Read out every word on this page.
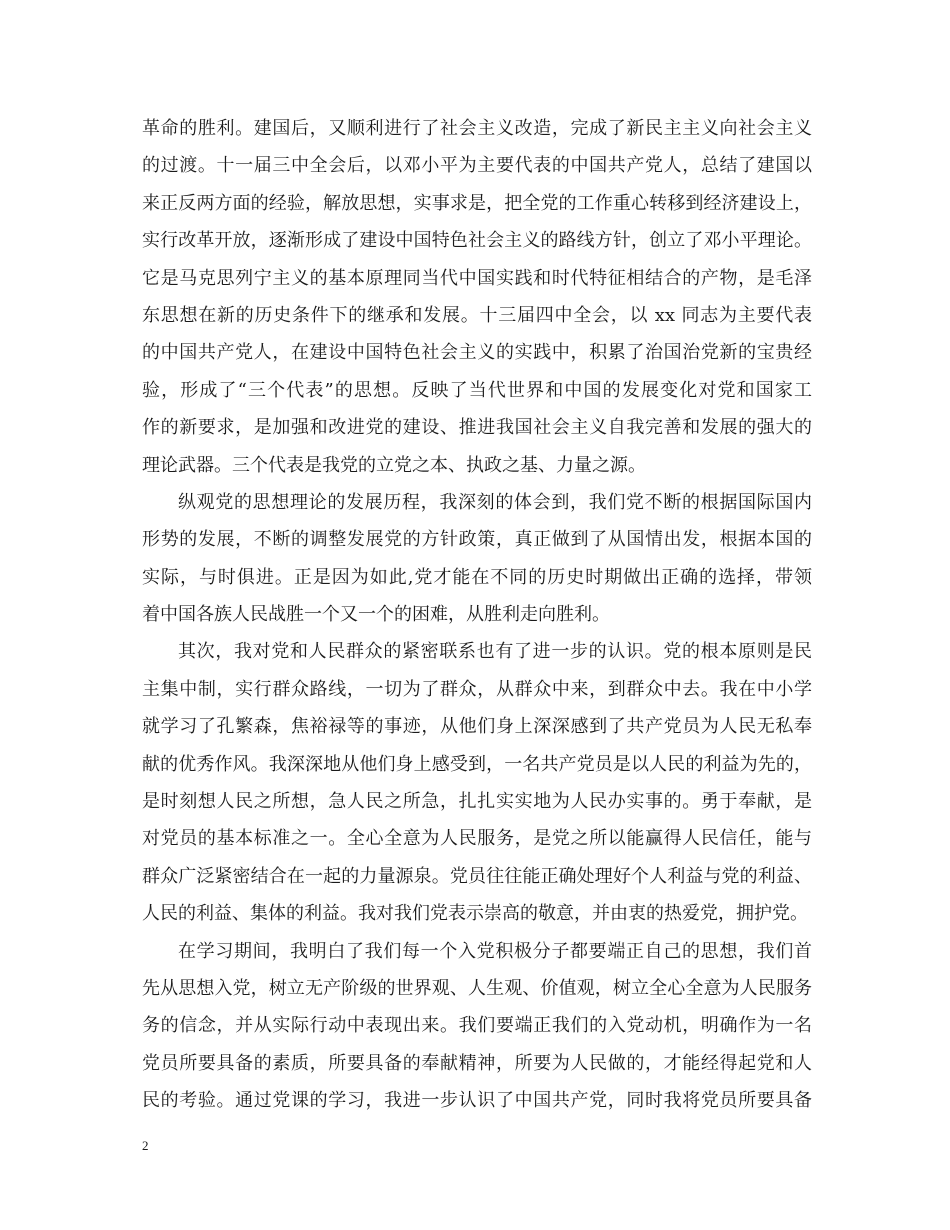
革命的胜利。建国后，又顺利进行了社会主义改造，完成了新民主主义向社会主义
的过渡。十一届三中全会后，以邓小平为主要代表的中国共产党人，总结了建国以
来正反两方面的经验，解放思想，实事求是，把全党的工作重心转移到经济建设上，
实行改革开放，逐渐形成了建设中国特色社会主义的路线方针，创立了邓小平理论。
它是马克思列宁主义的基本原理同当代中国实践和时代特征相结合的产物，是毛泽
东思想在新的历史条件下的继承和发展。十三届四中全会，以 xx 同志为主要代表
的中国共产党人，在建设中国特色社会主义的实践中，积累了治国治党新的宝贵经
验，形成了“三个代表”的思想。反映了当代世界和中国的发展变化对党和国家工
作的新要求，是加强和改进党的建设、推进我国社会主义自我完善和发展的强大的
理论武器。三个代表是我党的立党之本、执政之基、力量之源。
纵观党的思想理论的发展历程，我深刻的体会到，我们党不断的根据国际国内
形势的发展，不断的调整发展党的方针政策，真正做到了从国情出发，根据本国的
实际，与时俱进。正是因为如此,党才能在不同的历史时期做出正确的选择，带领
着中国各族人民战胜一个又一个的困难，从胜利走向胜利。
其次，我对党和人民群众的紧密联系也有了进一步的认识。党的根本原则是民
主集中制，实行群众路线，一切为了群众，从群众中来，到群众中去。我在中小学
就学习了孔繁森，焦裕禄等的事迹，从他们身上深深感到了共产党员为人民无私奉
献的优秀作风。我深深地从他们身上感受到，一名共产党员是以人民的利益为先的，
是时刻想人民之所想，急人民之所急，扎扎实实地为人民办实事的。勇于奉献，是
对党员的基本标准之一。全心全意为人民服务，是党之所以能赢得人民信任，能与
群众广泛紧密结合在一起的力量源泉。党员往往能正确处理好个人利益与党的利益、
人民的利益、集体的利益。我对我们党表示崇高的敬意，并由衷的热爱党，拥护党。
在学习期间，我明白了我们每一个入党积极分子都要端正自己的思想，我们首
先从思想入党，树立无产阶级的世界观、人生观、价值观，树立全心全意为人民服务
务的信念，并从实际行动中表现出来。我们要端正我们的入党动机，明确作为一名
党员所要具备的素质，所要具备的奉献精神，所要为人民做的，才能经得起党和人
民的考验。通过党课的学习，我进一步认识了中国共产党，同时我将党员所要具备
2
